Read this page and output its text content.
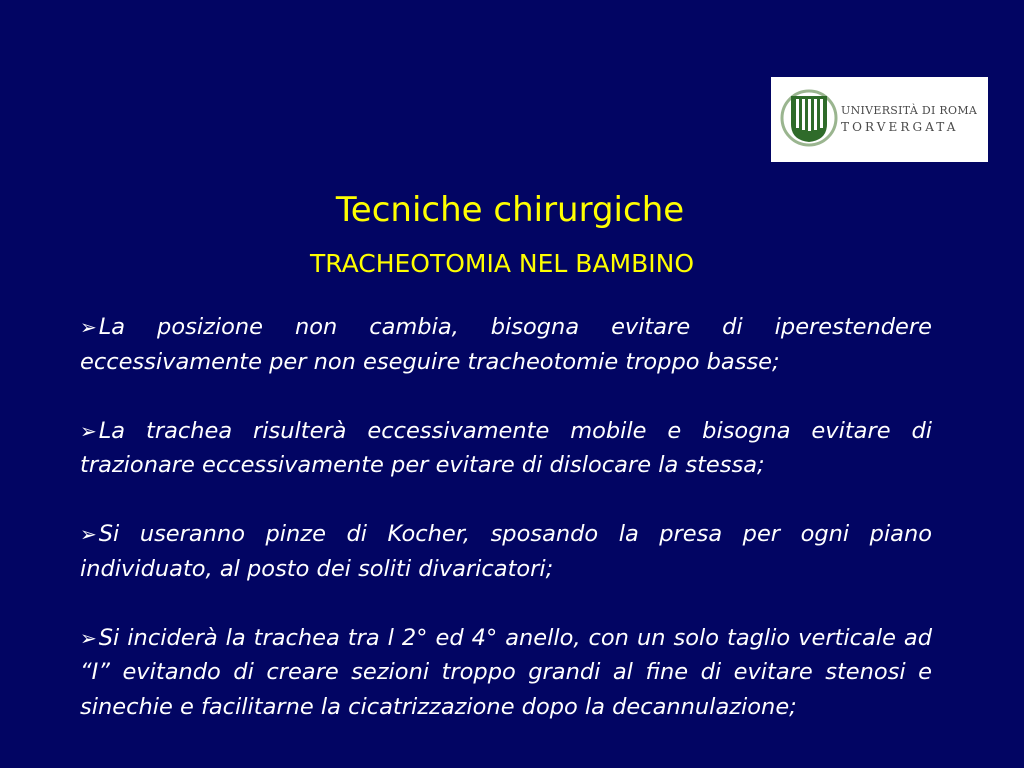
UNIVERSITÀ DI ROMA
TORVERGATA
Tecniche chirurgiche
TRACHEOTOMIA NEL BAMBINO
➢La posizione non cambia, bisogna evitare di iperestendere eccessivamente per non eseguire tracheotomie troppo basse;
➢La trachea risulterà eccessivamente mobile e bisogna evitare di trazionare eccessivamente per evitare di dislocare la stessa;
➢Si useranno pinze di Kocher, sposando la presa per ogni piano individuato, al posto dei soliti divaricatori;
➢Si inciderà la trachea tra l 2° ed 4° anello, con un solo taglio verticale ad “I” evitando di creare sezioni troppo grandi al fine di evitare stenosi e sinechie e facilitarne la cicatrizzazione dopo la decannulazione;
